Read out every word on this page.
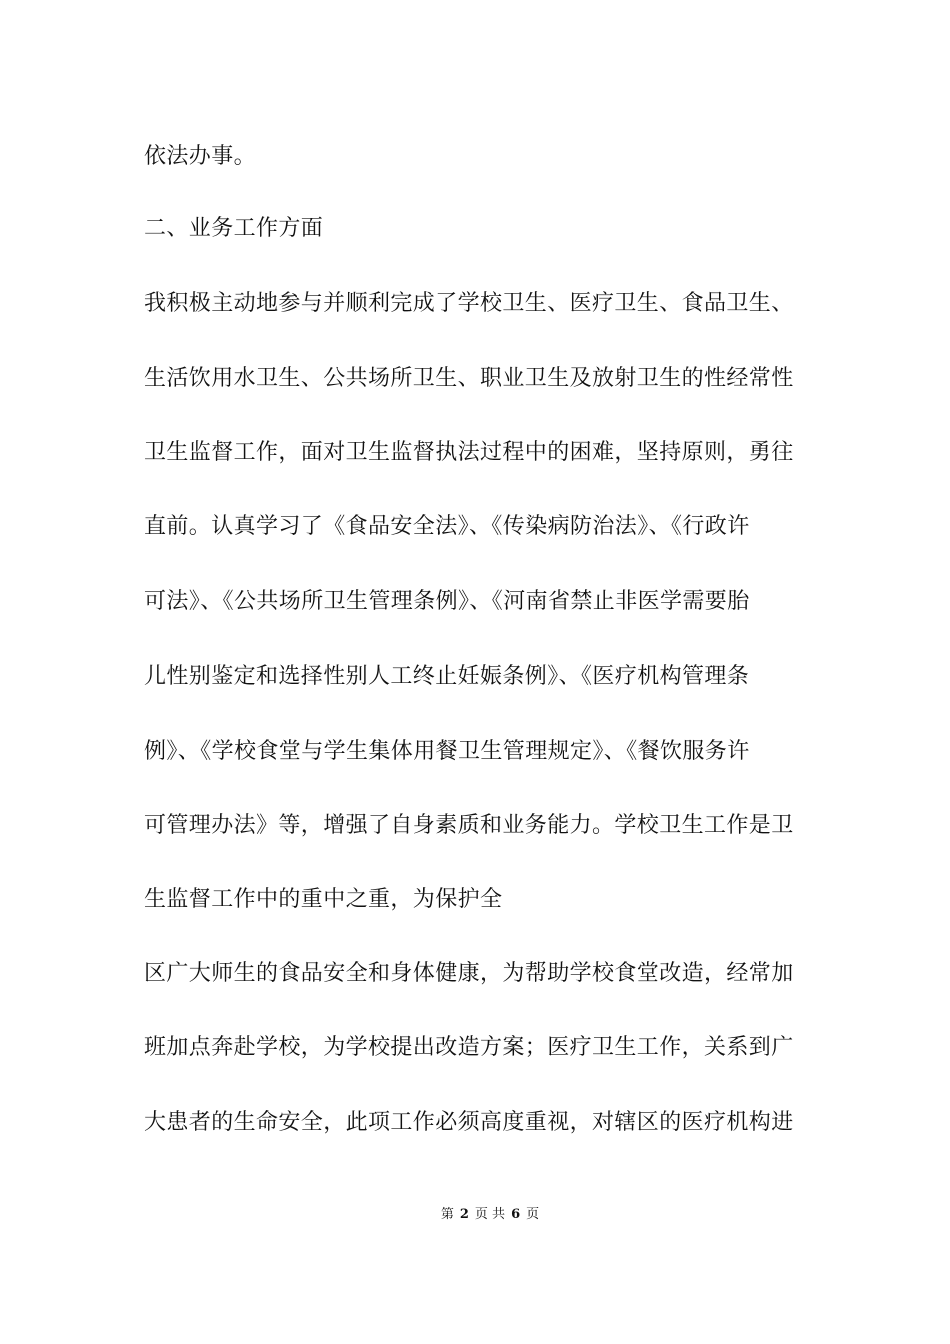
依法办事。

二、业务工作方面

我积极主动地参与并顺利完成了学校卫生、医疗卫生、食品卫生、

生活饮用水卫生、公共场所卫生、职业卫生及放射卫生的性经常性

卫生监督工作，面对卫生监督执法过程中的困难，坚持原则，勇往

直前。认真学习了《食品安全法》、《传染病防治法》、《行政许

可法》、《公共场所卫生管理条例》、《河南省禁止非医学需要胎

儿性别鉴定和选择性别人工终止妊娠条例》、《医疗机构管理条

例》、《学校食堂与学生集体用餐卫生管理规定》、《餐饮服务许

可管理办法》等，增强了自身素质和业务能力。学校卫生工作是卫

生监督工作中的重中之重，为保护全

区广大师生的食品安全和身体健康，为帮助学校食堂改造，经常加

班加点奔赴学校，为学校提出改造方案；医疗卫生工作，关系到广

大患者的生命安全，此项工作必须高度重视，对辖区的医疗机构进

第 2 页 共 6 页
